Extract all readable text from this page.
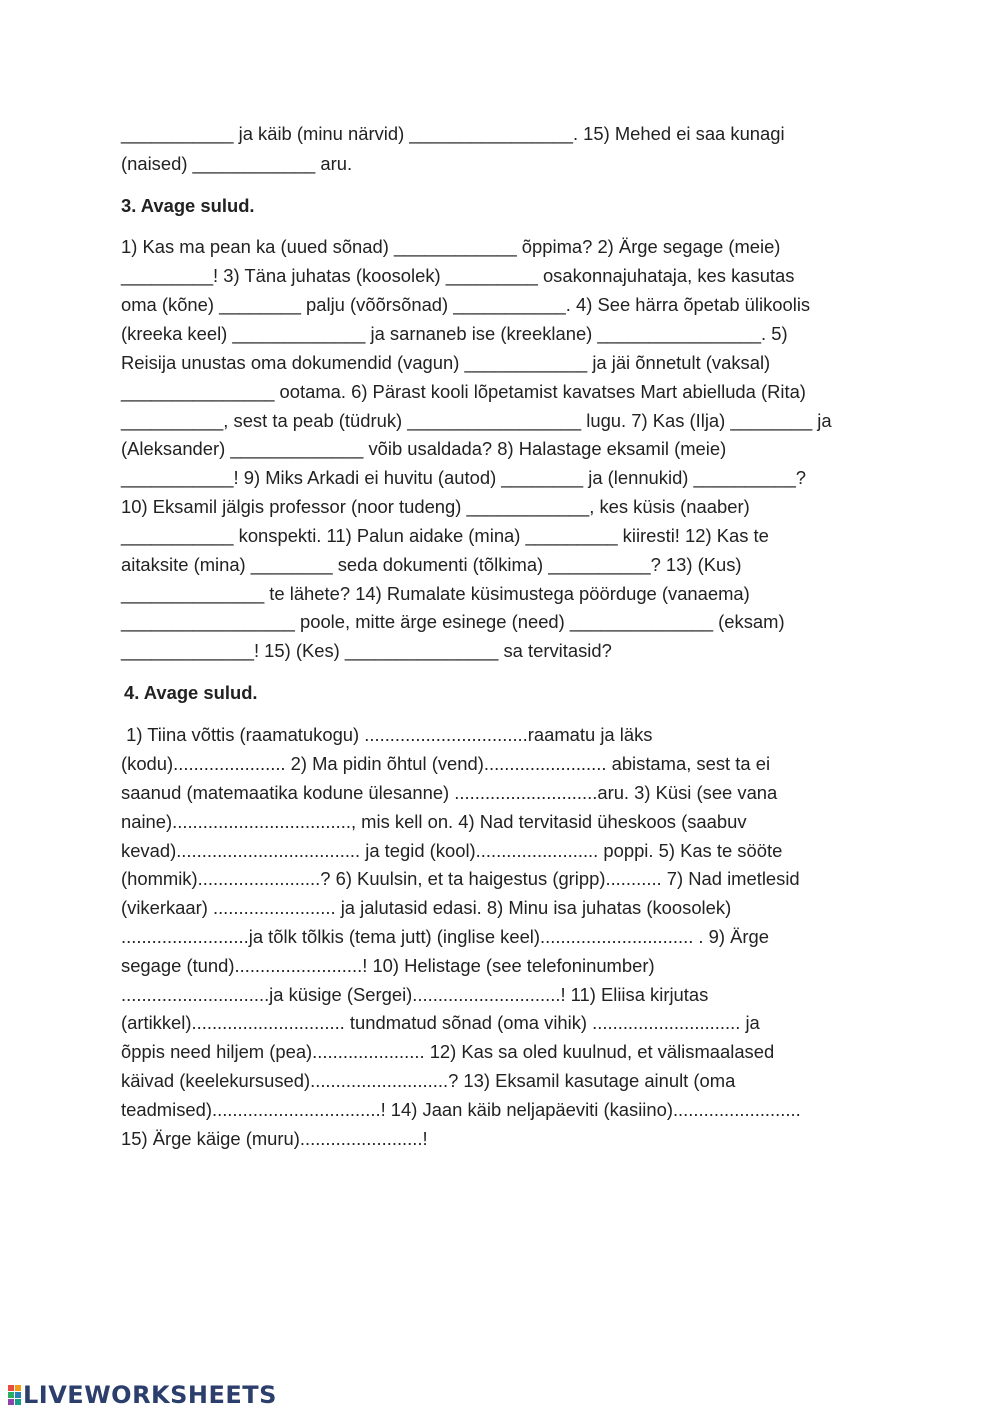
___________ ja käib (minu närvid) ________________. 15) Mehed ei saa kunagi
(naised) ____________ aru.
3. Avage sulud.
1) Kas ma pean ka (uued sõnad) ____________ õppima? 2) Ärge segage (meie)
_________! 3) Täna juhatas (koosolek) _________ osakonnajuhataja, kes kasutas
oma (kõne) ________ palju (võõrsõnad) ___________. 4) See härra õpetab ülikoolis
(kreeka keel) _____________ ja sarnaneb ise (kreeklane) ________________. 5)
Reisija unustas oma dokumendid (vagun) ____________ ja jäi õnnetult (vaksal)
_______________ ootama. 6) Pärast kooli lõpetamist kavatses Mart abielluda (Rita)
__________, sest ta peab (tüdruk) _________________ lugu. 7) Kas (Ilja) ________ ja
(Aleksander) _____________ võib usaldada? 8) Halastage eksamil (meie)
___________! 9) Miks Arkadi ei huvitu (autod) ________ ja (lennukid) __________?
10) Eksamil jälgis professor (noor tudeng) ____________, kes küsis (naaber)
___________ konspekti. 11) Palun aidake (mina) _________ kiiresti! 12) Kas te
aitaksite (mina) ________ seda dokumenti (tõlkima) __________? 13) (Kus)
______________ te lähete? 14) Rumalate küsimustega pöörduge (vanaema)
_________________ poole, mitte ärge esinege (need) ______________ (eksam)
_____________! 15) (Kes) _______________ sa tervitasid?
4. Avage sulud.
1) Tiina võttis (raamatukogu) ................................raamatu ja läks
(kodu)...................... 2) Ma pidin õhtul (vend)........................ abistama, sest ta ei
saanud (matemaatika kodune ülesanne) ............................aru. 3) Küsi (see vana
naine)..................................., mis kell on. 4) Nad tervitasid üheskoos (saabuv
kevad).................................... ja tegid (kool)........................ poppi. 5) Kas te sööte
(hommik)........................? 6) Kuulsin, et ta haigestus (gripp)........... 7) Nad imetlesid
(vikerkaar) ........................ ja jalutasid edasi. 8) Minu isa juhatas (koosolek)
.........................ja tõlk tõlkis (tema jutt) (inglise keel).............................. . 9) Ärge
segage (tund).........................! 10) Helistage (see telefoninumber)
.............................ja küsige (Sergei).............................! 11) Eliisa kirjutas
(artikkel).............................. tundmatud sõnad (oma vihik) ............................. ja
õppis need hiljem (pea)...................... 12) Kas sa oled kuulnud, et välismaalased
käivad (keelekursused)...........................? 13) Eksamil kasutage ainult (oma
teadmised).................................! 14) Jaan käib neljapäeviti (kasiino).........................
15) Ärge käige (muru)........................!
LIVEWORKSHEETS
